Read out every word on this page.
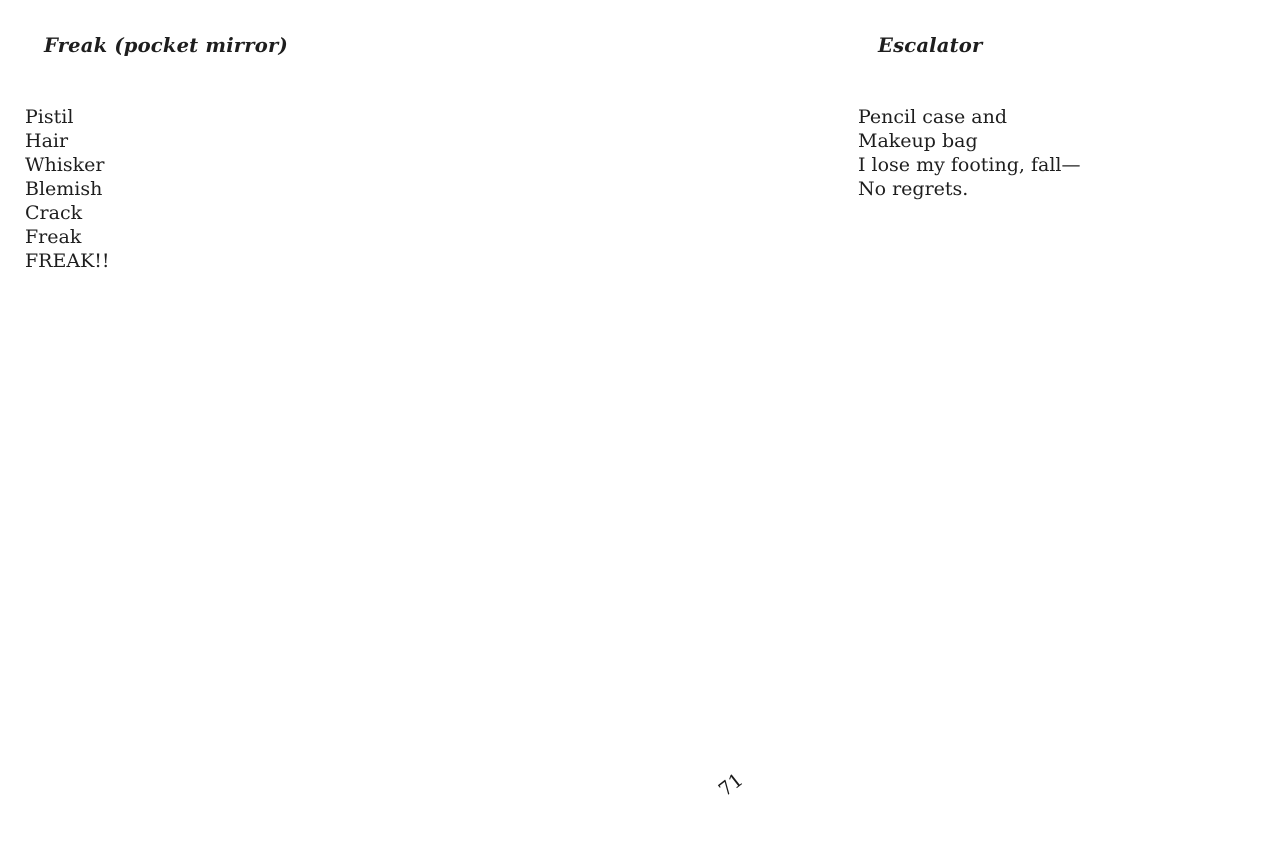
Freak (pocket mirror)
Pistil
Hair
Whisker
Blemish
Crack
Freak
FREAK!!
Escalator
Pencil case and
Makeup bag
I lose my footing, fall—
No regrets.
71
